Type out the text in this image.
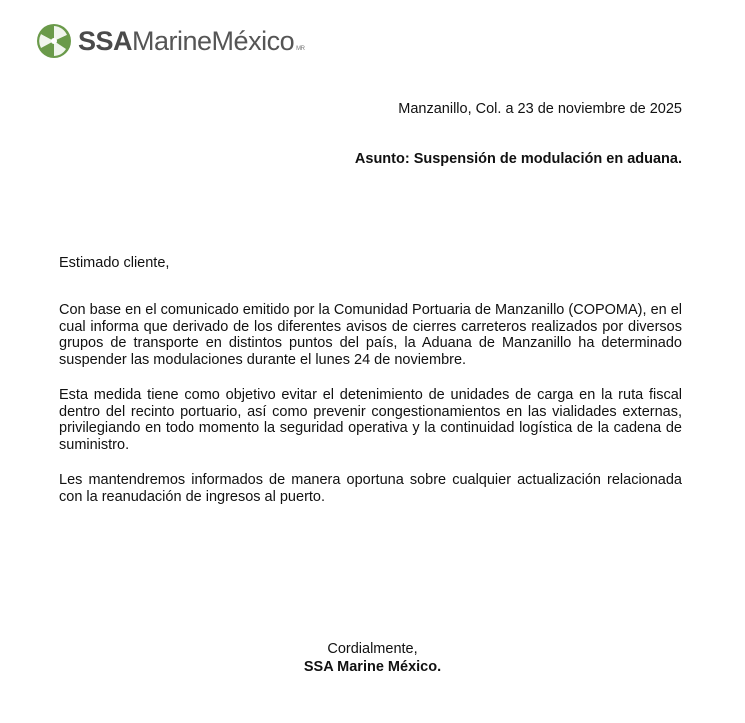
SSAMarineMéxico MR
Manzanillo, Col. a 23 de noviembre de 2025
Asunto: Suspensión de modulación en aduana.
Estimado cliente,

Con base en el comunicado emitido por la Comunidad Portuaria de Manzanillo (COPOMA), en el cual informa que derivado de los diferentes avisos de cierres carreteros realizados por diversos grupos de transporte en distintos puntos del país, la Aduana de Manzanillo ha determinado suspender las modulaciones durante el lunes 24 de noviembre.

Esta medida tiene como objetivo evitar el detenimiento de unidades de carga en la ruta fiscal dentro del recinto portuario, así como prevenir congestionamientos en las vialidades externas, privilegiando en todo momento la seguridad operativa y la continuidad logística de la cadena de suministro.

Les mantendremos informados de manera oportuna sobre cualquier actualización relacionada con la reanudación de ingresos al puerto.

Cordialmente,
SSA Marine México.
